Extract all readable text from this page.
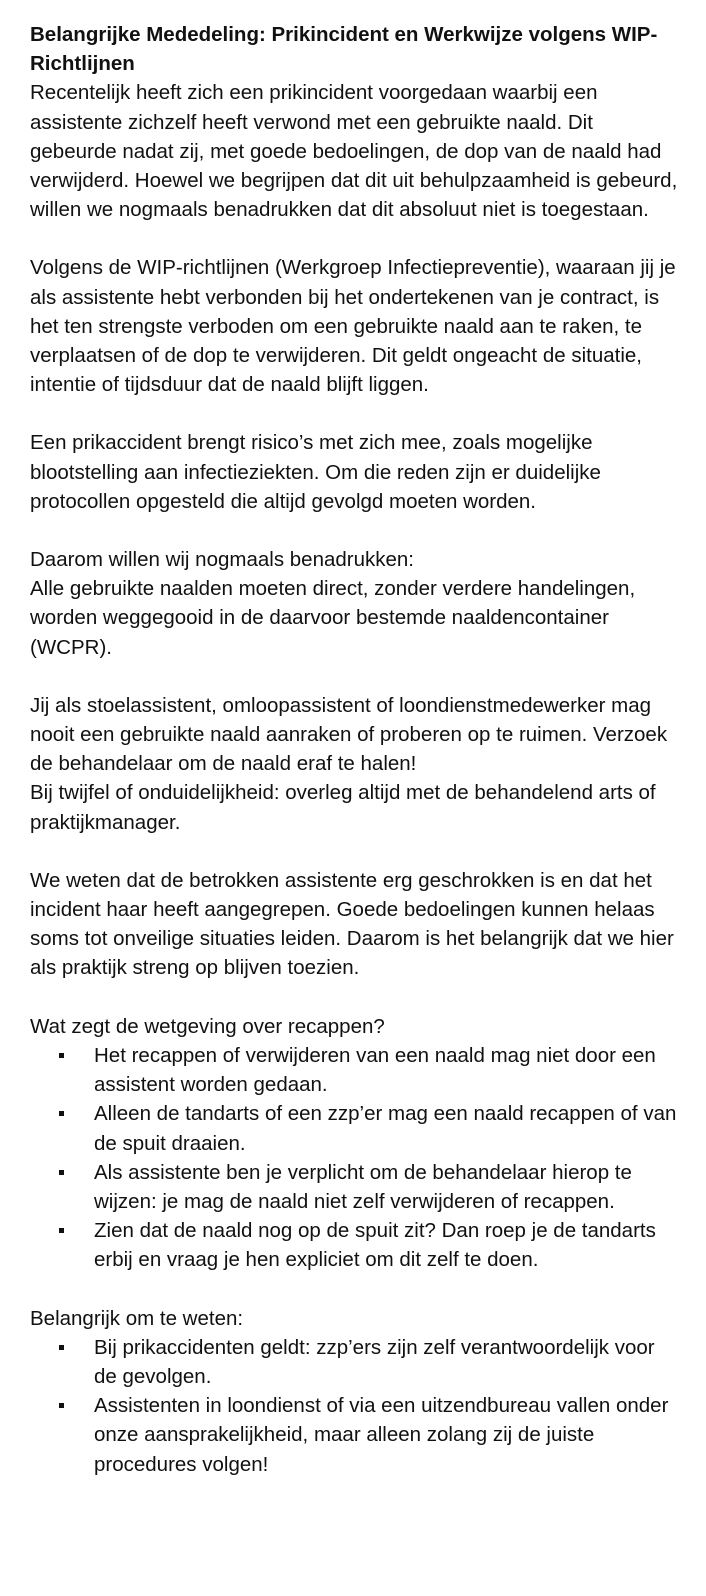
Belangrijke Mededeling: Prikincident en Werkwijze volgens WIP-Richtlijnen

Recentelijk heeft zich een prikincident voorgedaan waarbij een assistente zichzelf heeft verwond met een gebruikte naald. Dit gebeurde nadat zij, met goede bedoelingen, de dop van de naald had verwijderd. Hoewel we begrijpen dat dit uit behulpzaamheid is gebeurd, willen we nogmaals benadrukken dat dit absoluut niet is toegestaan.

Volgens de WIP-richtlijnen (Werkgroep Infectiepreventie), waaraan jij je als assistente hebt verbonden bij het ondertekenen van je contract, is het ten strengste verboden om een gebruikte naald aan te raken, te verplaatsen of de dop te verwijderen. Dit geldt ongeacht de situatie, intentie of tijdsduur dat de naald blijft liggen.

Een prikaccident brengt risico’s met zich mee, zoals mogelijke blootstelling aan infectieziekten. Om die reden zijn er duidelijke protocollen opgesteld die altijd gevolgd moeten worden.

Daarom willen wij nogmaals benadrukken:

Alle gebruikte naalden moeten direct, zonder verdere handelingen, worden weggegooid in de daarvoor bestemde naaldencontainer (WCPR).

Jij als stoelassistent, omloopassistent of loondienstmedewerker mag nooit een gebruikte naald aanraken of proberen op te ruimen. Verzoek de behandelaar om de naald eraf te halen!

Bij twijfel of onduidelijkheid: overleg altijd met de behandelend arts of praktijkmanager.

We weten dat de betrokken assistente erg geschrokken is en dat het incident haar heeft aangegrepen. Goede bedoelingen kunnen helaas soms tot onveilige situaties leiden. Daarom is het belangrijk dat we hier als praktijk streng op blijven toezien.

Wat zegt de wetgeving over recappen?

Het recappen of verwijderen van een naald mag niet door een assistent worden gedaan.
Alleen de tandarts of een zzp’er mag een naald recappen of van de spuit draaien.
Als assistente ben je verplicht om de behandelaar hierop te wijzen: je mag de naald niet zelf verwijderen of recappen.
Zien dat de naald nog op de spuit zit? Dan roep je de tandarts erbij en vraag je hen expliciet om dit zelf te doen.

Belangrijk om te weten:

Bij prikaccidenten geldt: zzp’ers zijn zelf verantwoordelijk voor de gevolgen.
Assistenten in loondienst of via een uitzendbureau vallen onder onze aansprakelijkheid, maar alleen zolang zij de juiste procedures volgen!
